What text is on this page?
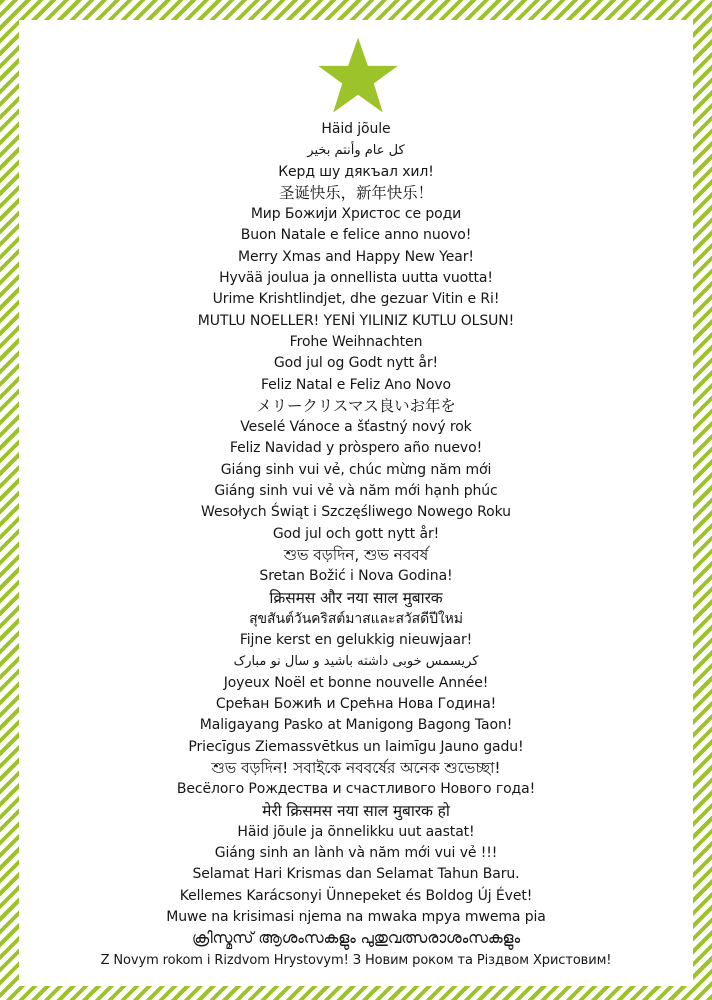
Häid jõule
كل عام وأنتم بخير
Керд шу дякъал хил!
圣诞快乐，新年快乐！
Мир Божији Христос се роди
Buon Natale e felice anno nuovo!
Merry Xmas and Happy New Year!
Hyvää joulua ja onnellista uutta vuotta!
Urime Krishtlindjet, dhe gezuar Vitin e Ri!
MUTLU NOELLER! YENİ YILINIZ KUTLU OLSUN!
Frohe Weihnachten
God jul og Godt nytt år!
Feliz Natal e Feliz Ano Novo
メリークリスマス良いお年を
Veselé Vánoce a šťastný nový rok
Feliz Navidad y pròspero año nuevo!
Giáng sinh vui vẻ, chúc mừng năm mới
Giáng sinh vui vẻ và năm mới hạnh phúc
Wesołych Świąt i Szczęśliwego Nowego Roku
God jul och gott nytt år!
শুভ বড়দিন, শুভ নববর্ষ
Sretan Božić i Nova Godina!
क्रिसमस और नया साल मुबारक
สุขสันต์วันคริสต์มาสและสวัสดีปีใหม่
Fijne kerst en gelukkig nieuwjaar!
کریسمس خوبی داشته باشید و سال نو مبارک
Joyeux Noël et bonne nouvelle Année!
Срећан Божић и Срећна Нова Година!
Maligayang Pasko at Manigong Bagong Taon!
Priecīgus Ziemassvētkus un laimīgu Jauno gadu!
শুভ বড়দিন! সবাইকে নববর্ষের অনেক শুভেচ্ছা!
Весёлого Рождества и счастливого Нового года!
मेरी क्रिसमस नया साल मुबारक हो
Häid jõule ja õnnelikku uut aastat!
Giáng sinh an lành và năm mới vui vẻ !!!
Selamat Hari Krismas dan Selamat Tahun Baru.
Kellemes Karácsonyi Ünnepeket és Boldog Új Évet!
Muwe na krisimasi njema na mwaka mpya mwema pia
ക്രിസ്മസ് ആശംസകളും പുതുവത്സരാശംസകളും
Z Novym rokom i Rizdvom Hrystovym! З Новим роком та Різдвом Христовим!
